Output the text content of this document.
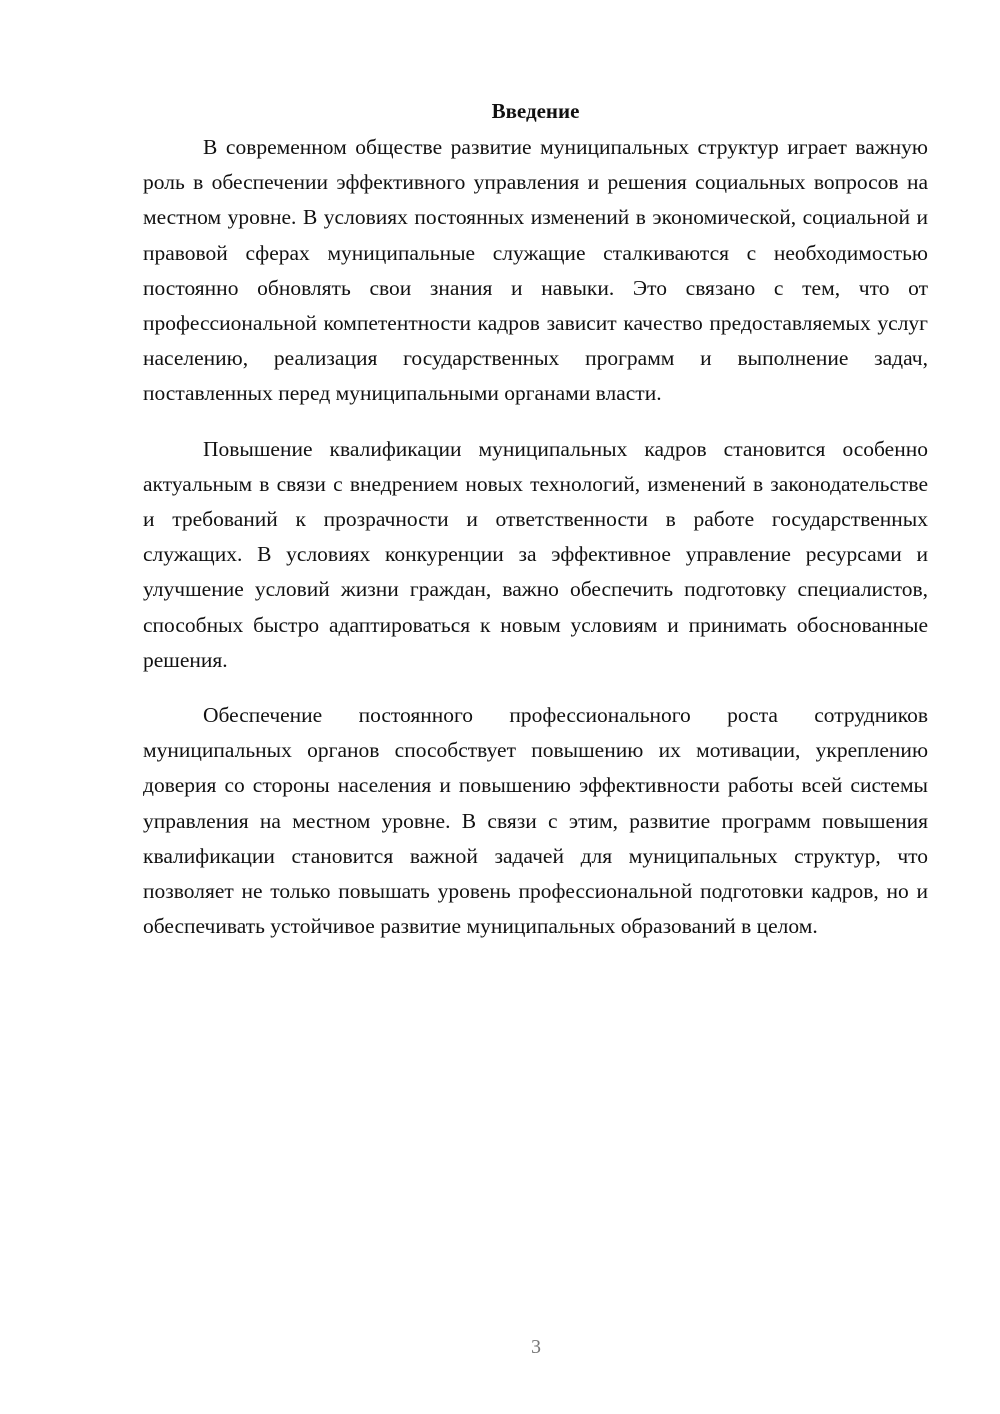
Введение

В современном обществе развитие муниципальных структур играет важную роль в обеспечении эффективного управления и решения социальных вопросов на местном уровне. В условиях постоянных изменений в экономической, социальной и правовой сферах муниципальные служащие сталкиваются с необходимостью постоянно обновлять свои знания и навыки. Это связано с тем, что от профессиональной компетентности кадров зависит качество предоставляемых услуг населению, реализация государственных программ и выполнение задач, поставленных перед муниципальными органами власти.

Повышение квалификации муниципальных кадров становится особенно актуальным в связи с внедрением новых технологий, изменений в законодательстве и требований к прозрачности и ответственности в работе государственных служащих. В условиях конкуренции за эффективное управление ресурсами и улучшение условий жизни граждан, важно обеспечить подготовку специалистов, способных быстро адаптироваться к новым условиям и принимать обоснованные решения.

Обеспечение постоянного профессионального роста сотрудников муниципальных органов способствует повышению их мотивации, укреплению доверия со стороны населения и повышению эффективности работы всей системы управления на местном уровне. В связи с этим, развитие программ повышения квалификации становится важной задачей для муниципальных структур, что позволяет не только повышать уровень профессиональной подготовки кадров, но и обеспечивать устойчивое развитие муниципальных образований в целом.

3
